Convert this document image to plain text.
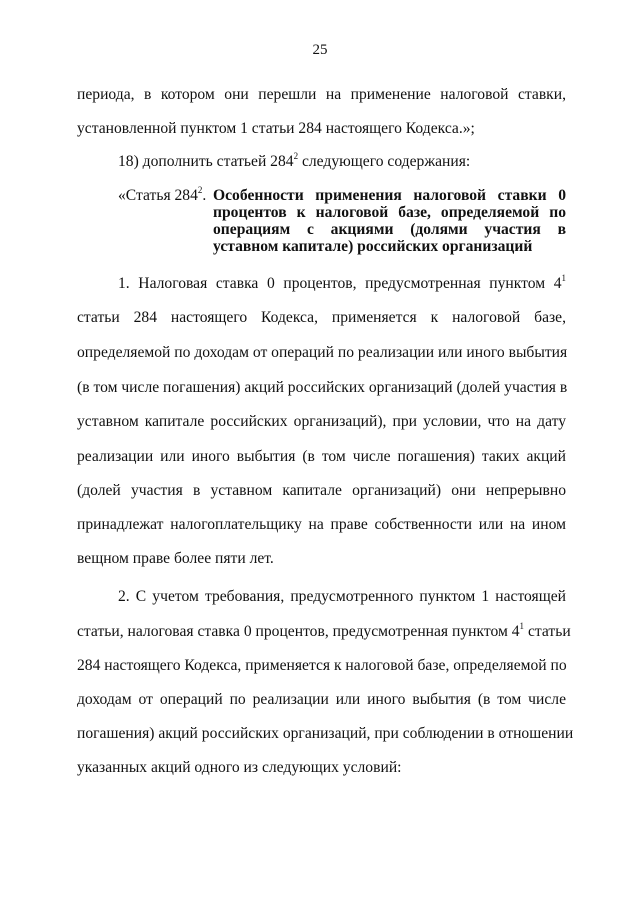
25
периода, в котором они перешли на применение налоговой ставки,
установленной пунктом 1 статьи 284 настоящего Кодекса.»;
18) дополнить статьей $284^2$ следующего содержания:
1. Налоговая ставка 0 процентов, предусмотренная пунктом $4^1$
статьи 284 настоящего Кодекса, применяется к налоговой базе,
определяемой по доходам от операций по реализации или иного выбытия
(в том числе погашения) акций российских организаций (долей участия в
уставном капитале российских организаций), при условии, что на дату
реализации или иного выбытия (в том числе погашения) таких акций
(долей участия в уставном капитале организаций) они непрерывно
принадлежат налогоплательщику на праве собственности или на ином
вещном праве более пяти лет.
2. С учетом требования, предусмотренного пунктом 1 настоящей
статьи, налоговая ставка 0 процентов, предусмотренная пунктом $4^1$ статьи
284 настоящего Кодекса, применяется к налоговой базе, определяемой по
доходам от операций по реализации или иного выбытия (в том числе
погашения) акций российских организаций, при соблюдении в отношении
указанных акций одного из следующих условий:
«Статья $284^2$. Особенности применения налоговой ставки 0
процентов к налоговой базе, определяемой по
операциям с акциями (долями участия в
уставном капитале) российских организаций
